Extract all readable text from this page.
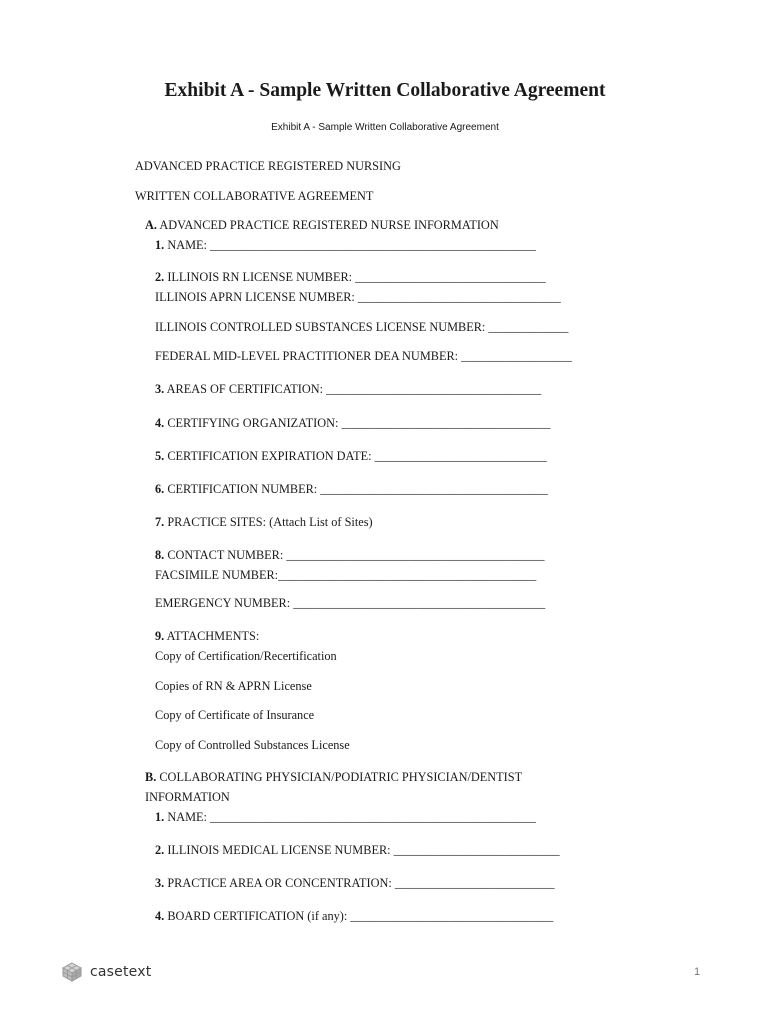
Exhibit A - Sample Written Collaborative Agreement
Exhibit A - Sample Written Collaborative Agreement
ADVANCED PRACTICE REGISTERED NURSING
WRITTEN COLLABORATIVE AGREEMENT
A. ADVANCED PRACTICE REGISTERED NURSE INFORMATION
1. NAME: _____________________________________________________
2. ILLINOIS RN LICENSE NUMBER: _______________________________
ILLINOIS APRN LICENSE NUMBER: _________________________________
ILLINOIS CONTROLLED SUBSTANCES LICENSE NUMBER: _____________
FEDERAL MID-LEVEL PRACTITIONER DEA NUMBER: __________________
3. AREAS OF CERTIFICATION: ___________________________________
4. CERTIFYING ORGANIZATION: __________________________________
5. CERTIFICATION EXPIRATION DATE: ____________________________
6. CERTIFICATION NUMBER: _____________________________________
7. PRACTICE SITES: (Attach List of Sites)
8. CONTACT NUMBER: __________________________________________
FACSIMILE NUMBER:__________________________________________
EMERGENCY NUMBER: _________________________________________
9. ATTACHMENTS:
Copy of Certification/Recertification
Copies of RN & APRN License
Copy of Certificate of Insurance
Copy of Controlled Substances License
B. COLLABORATING PHYSICIAN/PODIATRIC PHYSICIAN/DENTIST
INFORMATION
1. NAME: _____________________________________________________
2. ILLINOIS MEDICAL LICENSE NUMBER: ___________________________
3. PRACTICE AREA OR CONCENTRATION: __________________________
4. BOARD CERTIFICATION (if any): _________________________________
casetext	1
